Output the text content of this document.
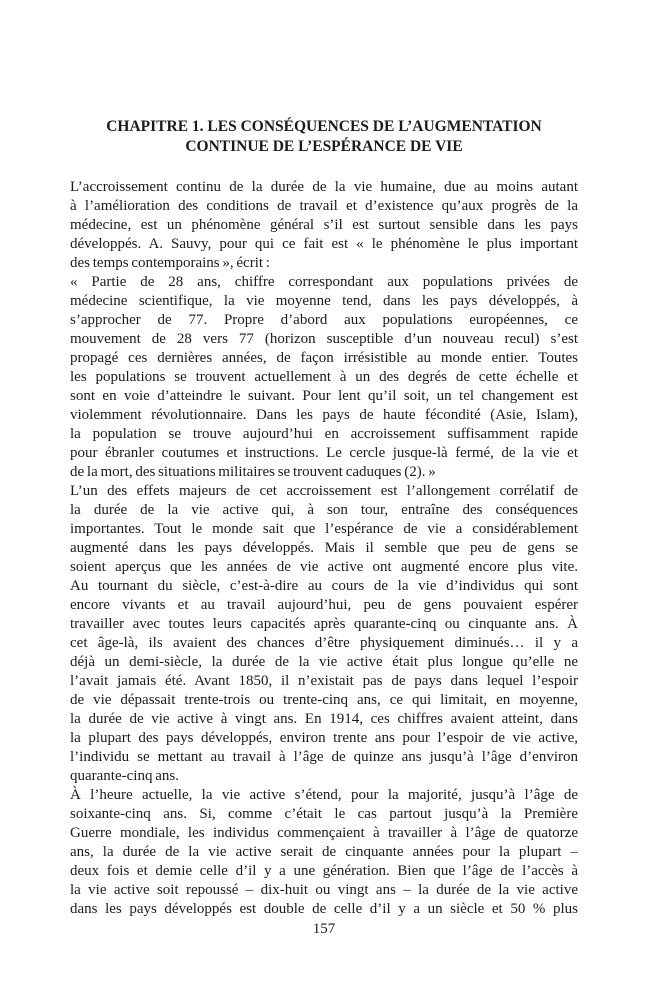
CHAPITRE 1. LES CONSÉQUENCES DE L’AUGMENTATION
CONTINUE DE L’ESPÉRANCE DE VIE
L’accroissement continu de la durée de la vie humaine, due au moins autant
à l’amélioration des conditions de travail et d’existence qu’aux progrès de la
médecine, est un phénomène général s’il est surtout sensible dans les pays
développés. A. Sauvy, pour qui ce fait est « le phénomène le plus important
des temps contemporains », écrit :
« Partie de 28 ans, chiffre correspondant aux populations privées de
médecine scientifique, la vie moyenne tend, dans les pays développés, à
s’approcher de 77. Propre d’abord aux populations européennes, ce
mouvement de 28 vers 77 (horizon susceptible d’un nouveau recul) s’est
propagé ces dernières années, de façon irrésistible au monde entier. Toutes
les populations se trouvent actuellement à un des degrés de cette échelle et
sont en voie d’atteindre le suivant. Pour lent qu’il soit, un tel changement est
violemment révolutionnaire. Dans les pays de haute fécondité (Asie, Islam),
la population se trouve aujourd’hui en accroissement suffisamment rapide
pour ébranler coutumes et instructions. Le cercle jusque-là fermé, de la vie et
de la mort, des situations militaires se trouvent caduques (2). »
L’un des effets majeurs de cet accroissement est l’allongement corrélatif de
la durée de la vie active qui, à son tour, entraîne des conséquences
importantes. Tout le monde sait que l’espérance de vie a considérablement
augmenté dans les pays développés. Mais il semble que peu de gens se
soient aperçus que les années de vie active ont augmenté encore plus vite.
Au tournant du siècle, c’est-à-dire au cours de la vie d’individus qui sont
encore vivants et au travail aujourd’hui, peu de gens pouvaient espérer
travailler avec toutes leurs capacités après quarante-cinq ou cinquante ans. À
cet âge-là, ils avaient des chances d’être physiquement diminués… il y a
déjà un demi-siècle, la durée de la vie active était plus longue qu’elle ne
l’avait jamais été. Avant 1850, il n’existait pas de pays dans lequel l’espoir
de vie dépassait trente-trois ou trente-cinq ans, ce qui limitait, en moyenne,
la durée de vie active à vingt ans. En 1914, ces chiffres avaient atteint, dans
la plupart des pays développés, environ trente ans pour l’espoir de vie active,
l’individu se mettant au travail à l’âge de quinze ans jusqu’à l’âge d’environ
quarante-cinq ans.
À l’heure actuelle, la vie active s’étend, pour la majorité, jusqu’à l’âge de
soixante-cinq ans. Si, comme c’était le cas partout jusqu’à la Première
Guerre mondiale, les individus commençaient à travailler à l’âge de quatorze
ans, la durée de la vie active serait de cinquante années pour la plupart –
deux fois et demie celle d’il y a une génération. Bien que l’âge de l’accès à
la vie active soit repoussé – dix-huit ou vingt ans – la durée de la vie active
dans les pays développés est double de celle d’il y a un siècle et 50 % plus
157
